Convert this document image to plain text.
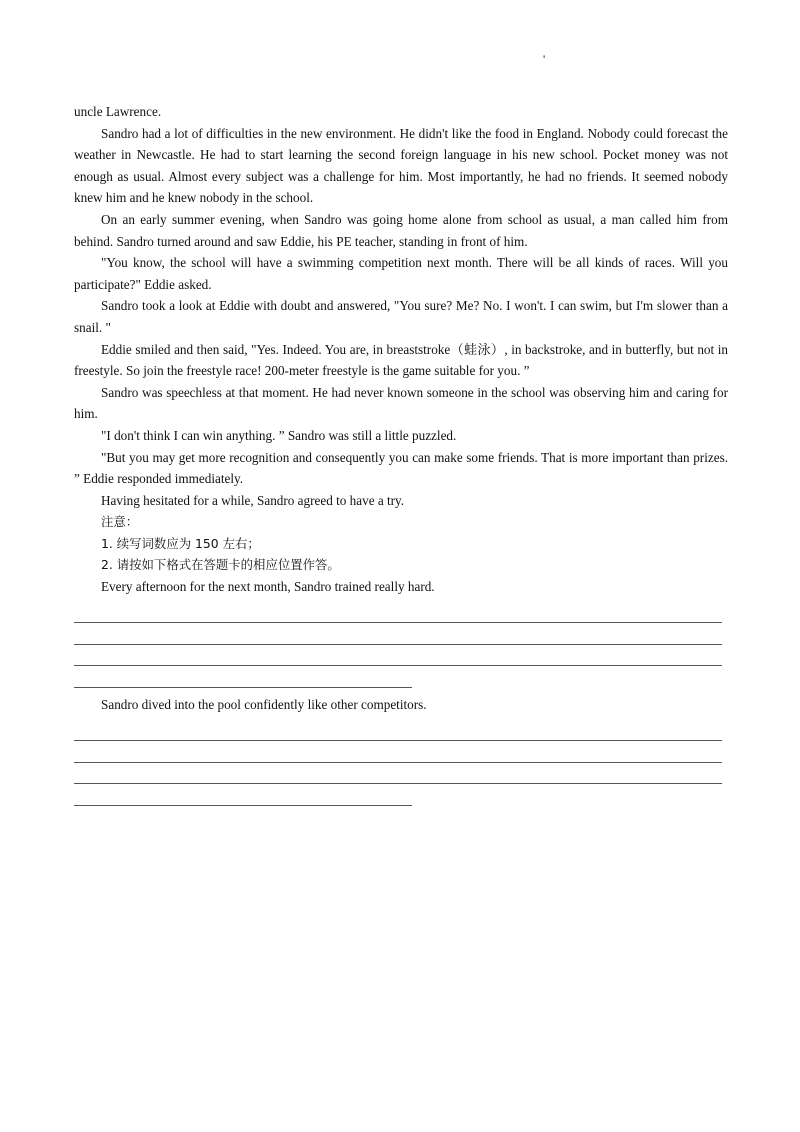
'

uncle Lawrence.

Sandro had a lot of difficulties in the new environment. He didn't like the food in England. Nobody could forecast the weather in Newcastle. He had to start learning the second foreign language in his new school. Pocket money was not enough as usual. Almost every subject was a challenge for him. Most importantly, he had no friends. It seemed nobody knew him and he knew nobody in the school.

On an early summer evening, when Sandro was going home alone from school as usual, a man called him from behind. Sandro turned around and saw Eddie, his PE teacher, standing in front of him.

"You know, the school will have a swimming competition next month. There will be all kinds of races. Will you participate?" Eddie asked.

Sandro took a look at Eddie with doubt and answered, "You sure? Me? No. I won't. I can swim, but I'm slower than a snail. "

Eddie smiled and then said, "Yes. Indeed. You are, in breaststroke（蛙泳）, in backstroke, and in butterfly, but not in freestyle. So join the freestyle race! 200-meter freestyle is the game suitable for you. ”

Sandro was speechless at that moment. He had never known someone in the school was observing him and caring for him.

"I don't think I can win anything. ” Sandro was still a little puzzled.

"But you may get more recognition and consequently you can make some friends. That is more important than prizes. ” Eddie responded immediately.

Having hesitated for a while, Sandro agreed to have a try.

注意：

1. 续写词数应为 150 左右；

2. 请按如下格式在答题卡的相应位置作答。

Every afternoon for the next month, Sandro trained really hard.

Sandro dived into the pool confidently like other competitors.
